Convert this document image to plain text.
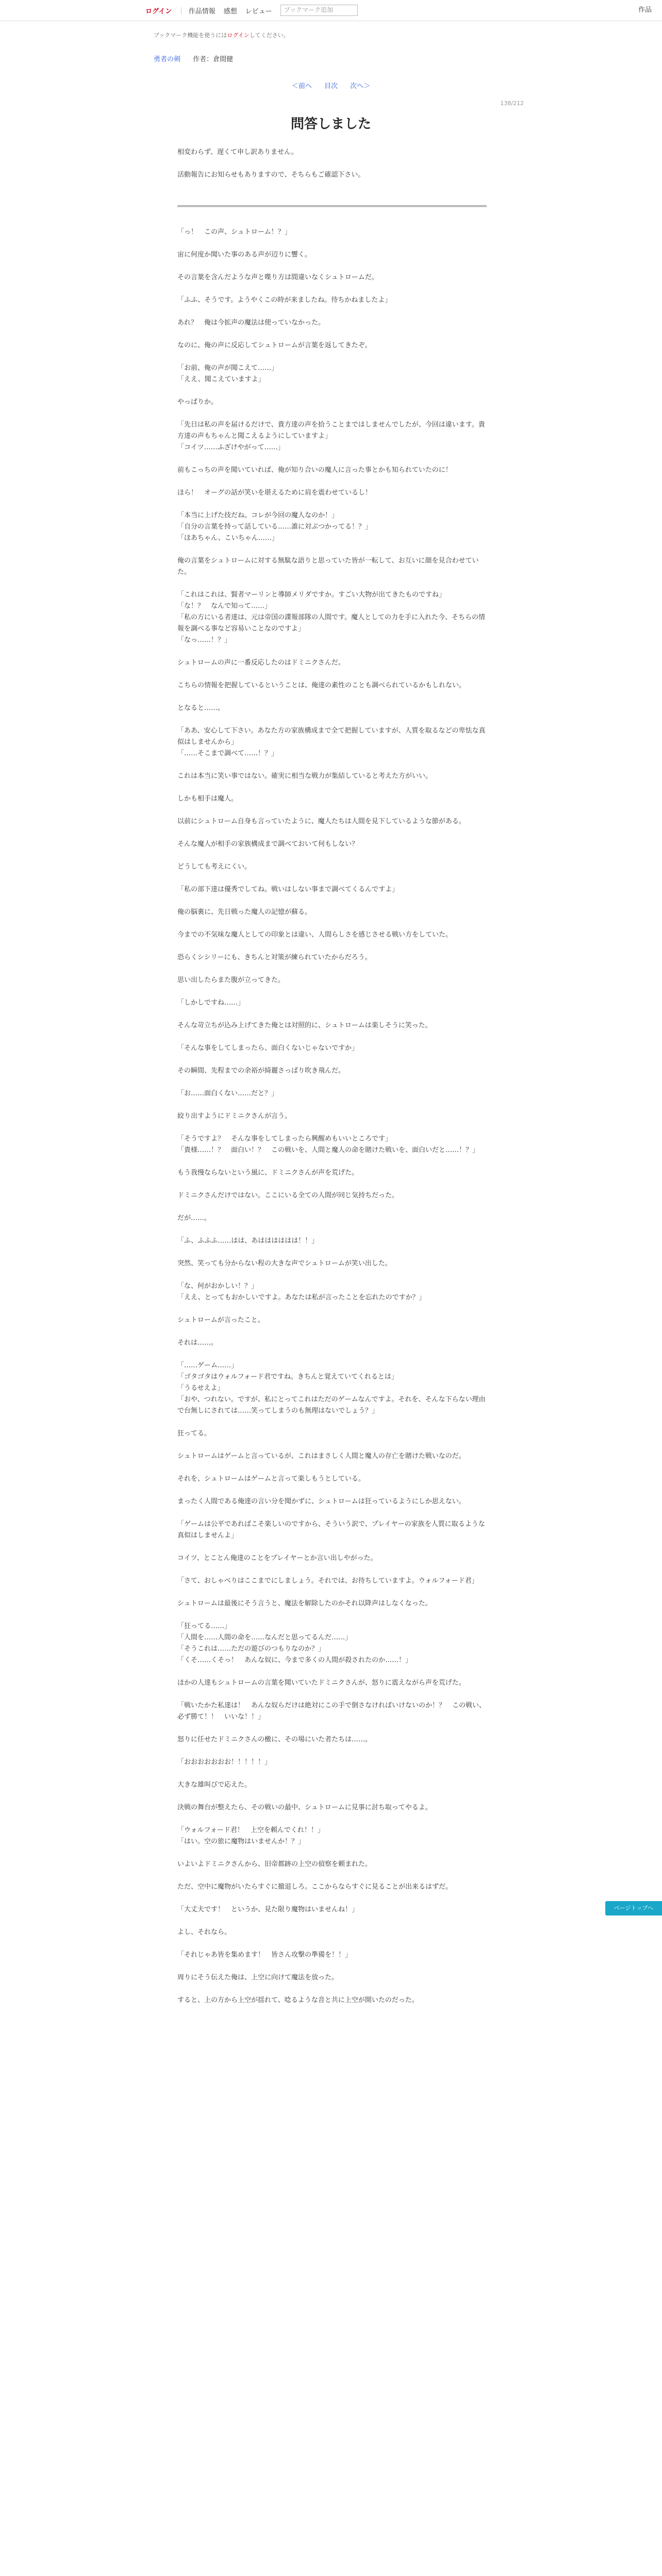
ログイン	| 作品情報	感想	レビュー	ブックマーク追加	作品
ブックマーク機能を使うにはログインしてください。
勇者の剣 作者：倉間健
＜前へ 目次 次へ＞
138/212
問答しました

相変わらず、遅くて申し訳ありません。

活動報告にお知らせもありますので、そちらもご確認下さい。

「っ！　この声、シュトローム！？」

宙に何度か聞いた事のある声が辺りに響く。

その言葉を含んだような声と喋り方は間違いなくシュトロームだ。

「ふふ、そうです。ようやくこの時が来ましたね。待ちかねましたよ」

あれ？　俺は今拡声の魔法は使っていなかった。

なのに、俺の声に反応してシュトロームが言葉を返してきたぞ。

「お前、俺の声が聞こえて……」
「ええ、聞こえていますよ」

やっぱりか。

「先日は私の声を届けるだけで、貴方達の声を拾うことまではしませんでしたが、今回は違います。貴方達の声もちゃんと聞こえるようにしていますよ」
「コイツ……ふざけやがって……」

前もこっちの声を聞いていれば、俺が知り合いの魔人に言った事とかも知られていたのに！

ほら！　オーグの話が笑いを堪えるために肩を震わせているし！

「本当に上げた技だね。コレが今回の魔人なのか！」
「自分の言葉を持って話している……誰に対ぶつかってる！？」
「ほあちゃん、こいちゃん……」

俺の言葉をシュトロームに対する無駄な語りと思っていた皆が一転して、お互いに顔を見合わせていた。

「これはこれは、賢者マーリンと導師メリダですか。すごい大物が出てきたものですね」
「な！？　なんで知って……」
「私の方にいる者達は、元は帝国の諜報部隊の人間です。魔人としての力を手に入れた今、そちらの情報を調べる事など容易いことなのですよ」
「なっ……！？」

シュトロームの声に一番反応したのはドミニクさんだ。

こちらの情報を把握しているということは、俺達の素性のことも調べられているかもしれない。

となると……。

「ああ、安心して下さい。あなた方の家族構成まで全て把握していますが、人質を取るなどの卑怯な真似はしませんから」
「……そこまで調べて……！？」

これは本当に笑い事ではない。確実に相当な戦力が集結していると考えた方がいい。

しかも相手は魔人。

以前にシュトローム自身も言っていたように、魔人たちは人間を見下しているような節がある。

そんな魔人が相手の家族構成まで調べておいて何もしない？

どうしても考えにくい。

「私の部下達は優秀でしてね。戦いはしない事まで調べてくるんですよ」

俺の脳裏に、先日戦った魔人の記憶が蘇る。

今までの不気味な魔人としての印象とは違い、人間らしさを感じさせる戦い方をしていた。

恐らくシシリーにも、きちんと対策が練られていたからだろう。

思い出したらまた腹が立ってきた。

「しかしですね……」

そんな苛立ちが込み上げてきた俺とは対照的に、シュトロームは楽しそうに笑った。

「そんな事をしてしまったら、面白くないじゃないですか」

その瞬間、先程までの余裕が綺麗さっぱり吹き飛んだ。

「お……面白くない……だと？」

絞り出すようにドミニクさんが言う。

「そうですよ？　そんな事をしてしまったら興醒めもいいところです」
「貴様……！？　面白い！？　この戦いを、人間と魔人の命を賭けた戦いを、面白いだと……！？」

もう我慢ならないという風に、ドミニクさんが声を荒げた。

ドミニクさんだけではない。ここにいる全ての人間が同じ気持ちだった。

だが……。

「ふ、ふふふ……はは、あはははははは！！」

突然、笑っても分からない程の大きな声でシュトロームが笑い出した。

「な、何がおかしい！？」
「ええ、とってもおかしいですよ。あなたは私が言ったことを忘れたのですか？」

シュトロームが言ったこと。

それは……。

「……ゲーム……」
「ゴタゴタはウォルフォード君ですね。きちんと覚えていてくれるとは」
「うるせえよ」
「おや、つれない。ですが、私にとってこれはただのゲームなんですよ。それを、そんな下らない理由で台無しにされては……笑ってしまうのも無理はないでしょう？」

狂ってる。

シュトロームはゲームと言っているが、これはまさしく人間と魔人の存亡を賭けた戦いなのだ。

それを、シュトロームはゲームと言って楽しもうとしている。

まったく人間である俺達の言い分を聞かずに、シュトロームは狂っているようにしか思えない。

「ゲームは公平であればこそ楽しいのですから、そういう訳で、プレイヤーの家族を人質に取るような真似はしませんよ」

コイツ、とことん俺達のことをプレイヤーとか言い出しやがった。

「さて、おしゃべりはここまでにしましょう。それでは、お待ちしていますよ。ウォルフォード君」

シュトロームは最後にそう言うと、魔法を解除したのかそれ以降声はしなくなった。

「狂ってる……」
「人間を……人間の命を……なんだと思ってるんだ……」
「そうこれは……ただの遊びのつもりなのか？」
「くそ……くそっ！　あんな奴に、今まで多くの人間が殺されたのか……！」

ほかの人達もシュトロームの言葉を聞いていたドミニクさんが、怒りに震えながら声を荒げた。

「戦いたかた私達は！　あんな奴らだけは絶対にこの手で倒さなければいけないのか！？　この戦い、必ず勝て！！　いいな！！」

怒りに任せたドミニクさんの檄に、その場にいた者たちは……。

「おおおおおおお！！！！！」

大きな雄叫びで応えた。

決戦の舞台が整えたら、その戦いの最中、シュトロームに見事に討ち取ってやるよ。

「ウォルフォード君！　上空を頼んでくれ！！」
「はい。空の旅に魔物はいませんか！？」

いよいよドミニクさんから、旧帝都跡の上空の偵察を頼まれた。

ただ、空中に魔物がいたらすぐに撤退しろ。ここからならすぐに見ることが出来るはずだ。

「大丈夫です！　というか、見た限り魔物はいませんね！」

よし、それなら。

「それじゃあ皆を集めます！　皆さん攻撃の準備を！！」

周りにそう伝えた俺は、上空に向けて魔法を放った。

すると、上の方から上空が揺れて、唸るような音と共に上空が開いたのだった。

ページトップへ
